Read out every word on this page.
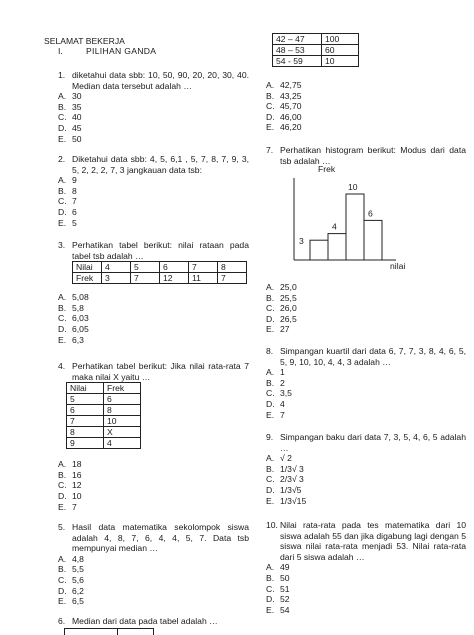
SELAMAT BEKERJA
I.	PILIHAN GANDA
1. diketahui data sbb: 10, 50, 90, 20, 20, 30, 40. Median data tersebut adalah …
A. 30
B. 35
C. 40
D. 45
E. 50
2. Diketahui data sbb: 4, 5, 6,1 , 5, 7, 8, 7, 9, 3, 5, 2, 2, 2, 7, 3 jangkauan data tsb:
A. 9
B. 8
C. 7
D. 6
E. 5
3. Perhatikan tabel berikut: nilai rataan pada tabel tsb adalah …
Nilai	4	5	6	7	8
Frek	3	7	12	11	7
A. 5,08
B. 5,8
C. 6,03
D. 6,05
E. 6,3
4. Perhatikan tabel berikut: Jika nilai rata-rata 7 maka nilai X yaitu …
Nilai	Frek
5	6
6	8
7	10
8	X
9	4
A. 18
B. 16
C. 12
D. 10
E. 7
5. Hasil data matematika sekolompok siswa adalah 4, 8, 7, 6, 4, 4, 5, 7. Data tsb mempunyai median …
A. 4,8
B. 5,5
C. 5,6
D. 6,2
E. 6,5
6. Median dari data pada tabel adalah …
42 – 47	100
48 – 53	60
54 - 59	10
A. 42,75
B. 43,25
C. 45,70
D. 46,00
E. 46,20
7. Perhatikan histogram berikut: Modus dari data tsb adalah …
Frek
3
4
10
6
nilai
A. 25,0
B. 25,5
C. 26,0
D. 26,5
E. 27
8. Simpangan kuartil dari data 6, 7, 7, 3, 8, 4, 6, 5, 5, 9, 10, 10, 4, 4, 3 adalah …
A. 1
B. 2
C. 3,5
D. 4
E. 7
9. Simpangan baku dari data 7, 3, 5, 4, 6, 5 adalah …
A. √ 2
B. 1/3√ 3
C. 2/3√ 3
D. 1/3√5
E. 1/3√15
10. Nilai rata-rata pada tes matematika dari 10 siswa adalah 55 dan jika digabung lagi dengan 5 siswa nilai rata-rata menjadi 53. Nilai rata-rata dari 5 siswa adalah …
A. 49
B. 50
C. 51
D. 52
E. 54
